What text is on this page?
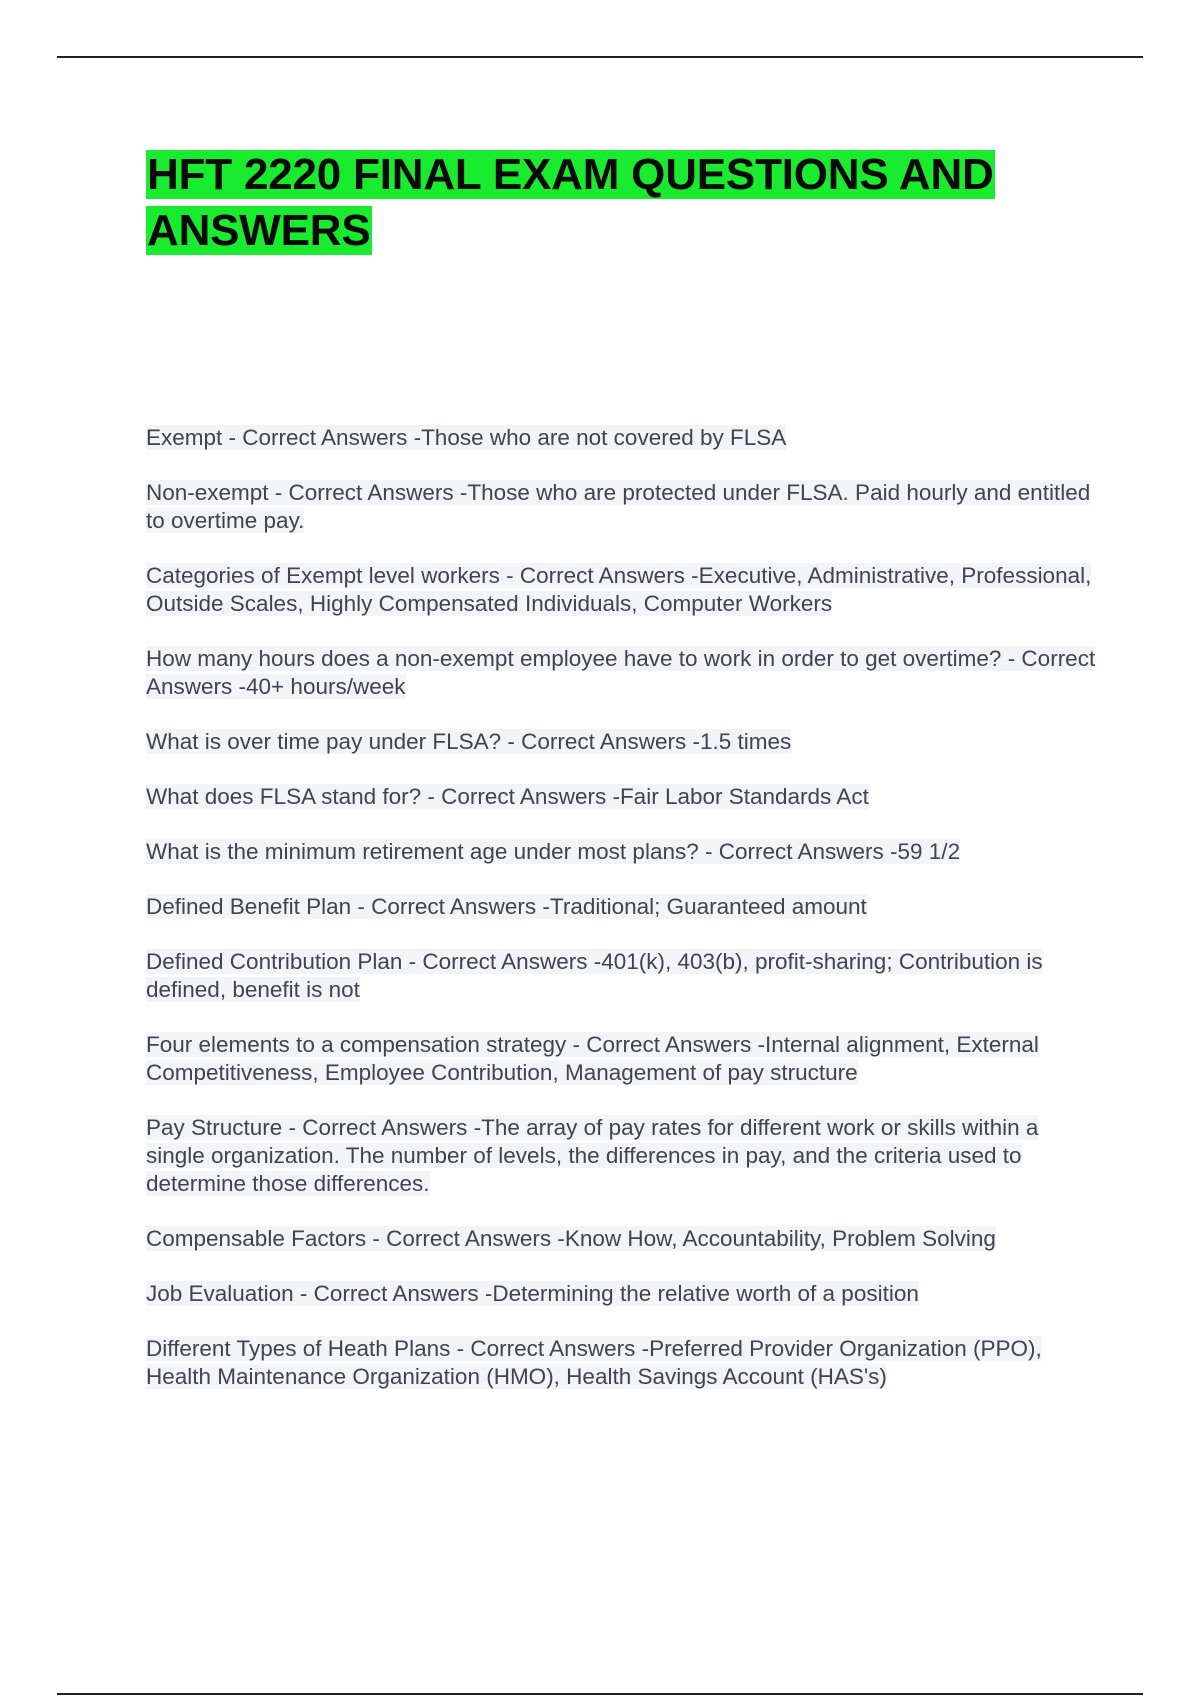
HFT 2220 FINAL EXAM QUESTIONS AND ANSWERS
Exempt - Correct Answers -Those who are not covered by FLSA
Non-exempt - Correct Answers -Those who are protected under FLSA. Paid hourly and entitled to overtime pay.
Categories of Exempt level workers - Correct Answers -Executive, Administrative, Professional, Outside Scales, Highly Compensated Individuals, Computer Workers
How many hours does a non-exempt employee have to work in order to get overtime? - Correct Answers -40+ hours/week
What is over time pay under FLSA? - Correct Answers -1.5 times
What does FLSA stand for? - Correct Answers -Fair Labor Standards Act
What is the minimum retirement age under most plans? - Correct Answers -59 1/2
Defined Benefit Plan - Correct Answers -Traditional; Guaranteed amount
Defined Contribution Plan - Correct Answers -401(k), 403(b), profit-sharing; Contribution is defined, benefit is not
Four elements to a compensation strategy - Correct Answers -Internal alignment, External Competitiveness, Employee Contribution, Management of pay structure
Pay Structure - Correct Answers -The array of pay rates for different work or skills within a single organization. The number of levels, the differences in pay, and the criteria used to determine those differences.
Compensable Factors - Correct Answers -Know How, Accountability, Problem Solving
Job Evaluation - Correct Answers -Determining the relative worth of a position
Different Types of Heath Plans - Correct Answers -Preferred Provider Organization (PPO), Health Maintenance Organization (HMO), Health Savings Account (HAS's)
